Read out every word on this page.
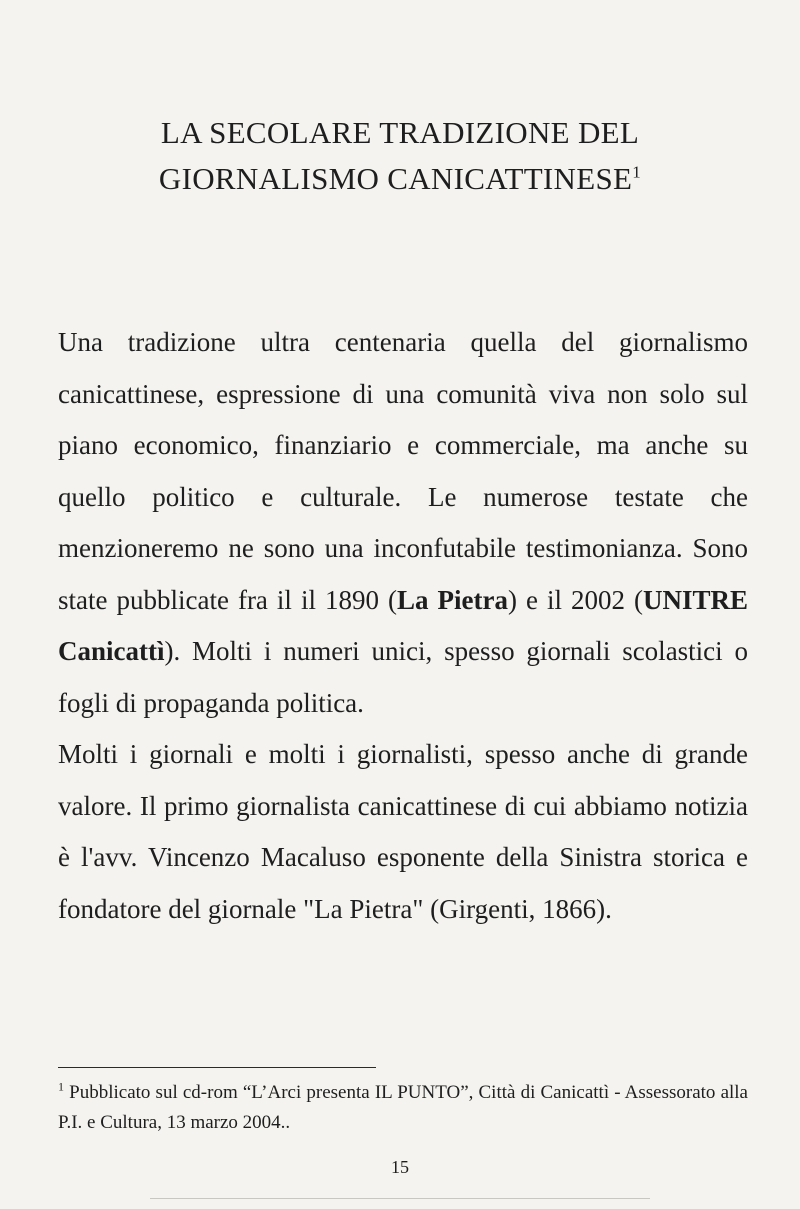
LA SECOLARE TRADIZIONE DEL
GIORNALISMO CANICATTINESE$^1$

Una tradizione ultra centenaria quella del giornalismo canicattinese, espressione di una comunità viva non solo sul piano economico, finanziario e commerciale, ma anche su quello politico e culturale. Le numerose testate che menzioneremo ne sono una inconfutabile testimonianza. Sono state pubblicate fra il il 1890 (La Pietra) e il 2002 (UNITRE Canicattì). Molti i numeri unici, spesso giornali scolastici o fogli di propaganda politica.

Molti i giornali e molti i giornalisti, spesso anche di grande valore. Il primo giornalista canicattinese di cui abbiamo notizia è l'avv. Vincenzo Macaluso esponente della Sinistra storica e fondatore del giornale "La Pietra" (Girgenti, 1866).

$^1$ Pubblicato sul cd-rom “L’Arci presenta IL PUNTO”, Città di Canicattì - Assessorato alla P.I. e Cultura, 13 marzo 2004..

15
